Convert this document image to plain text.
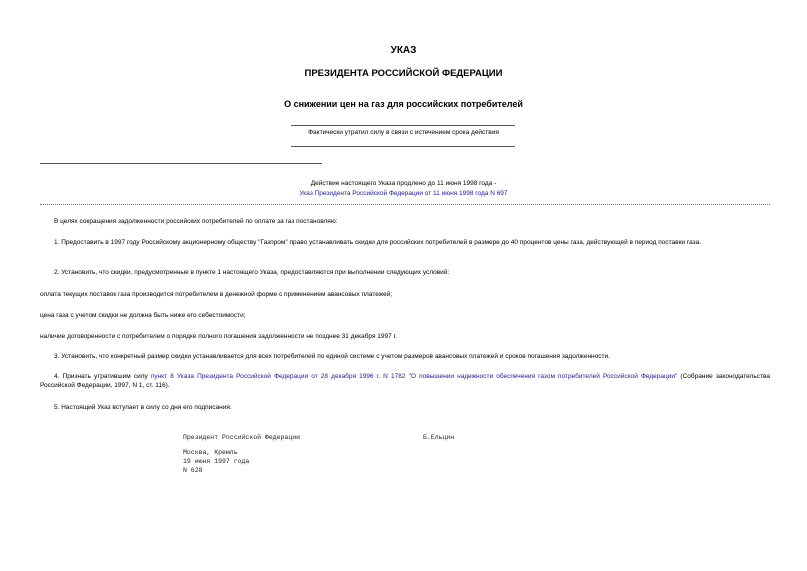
УКАЗ
ПРЕЗИДЕНТА РОССИЙСКОЙ ФЕДЕРАЦИИ
О снижении цен на газ для российских потребителей
Фактически утратил силу в связи с истечением срока действия
Действие настоящего Указа продлено до 11 июня 1998 года -
Указ Президента Российской Федерации от 11 июня 1998 года N 697
В целях сокращения задолженности российских потребителей по оплате за газ постановляю:
1. Предоставить в 1997 году Российскому акционерному обществу "Газпром" право устанавливать скидки для российских потребителей в размере до 40 процентов цены газа, действующей в период поставки газа.
2. Установить, что скидки, предусмотренные в пункте 1 настоящего Указа, предоставляются при выполнении следующих условий:
оплата текущих поставок газа производится потребителем в денежной форме с применением авансовых платежей;
цена газа с учетом скидки не должна быть ниже его себестоимости;
наличие договоренности с потребителем о порядке полного погашения задолженности не позднее 31 декабря 1997 г.
3. Установить, что конкретный размер скидки устанавливается для всех потребителей по единой системе с учетом размеров авансовых платежей и сроков погашения задолженности.
4. Признать утратившим силу пункт 8 Указа Президента Российской Федерации от 28 декабря 1996 г. N 1782 "О повышении надежности обеспечения газом потребителей Российской Федерации" (Собрание законодательства Российской Федерации, 1997, N 1, ст. 116).
5. Настоящий Указ вступает в силу со дня его подписания.
Президент Российской Федерации	Б.Ельцин
Москва, Кремль
19 июня 1997 года
N 628
